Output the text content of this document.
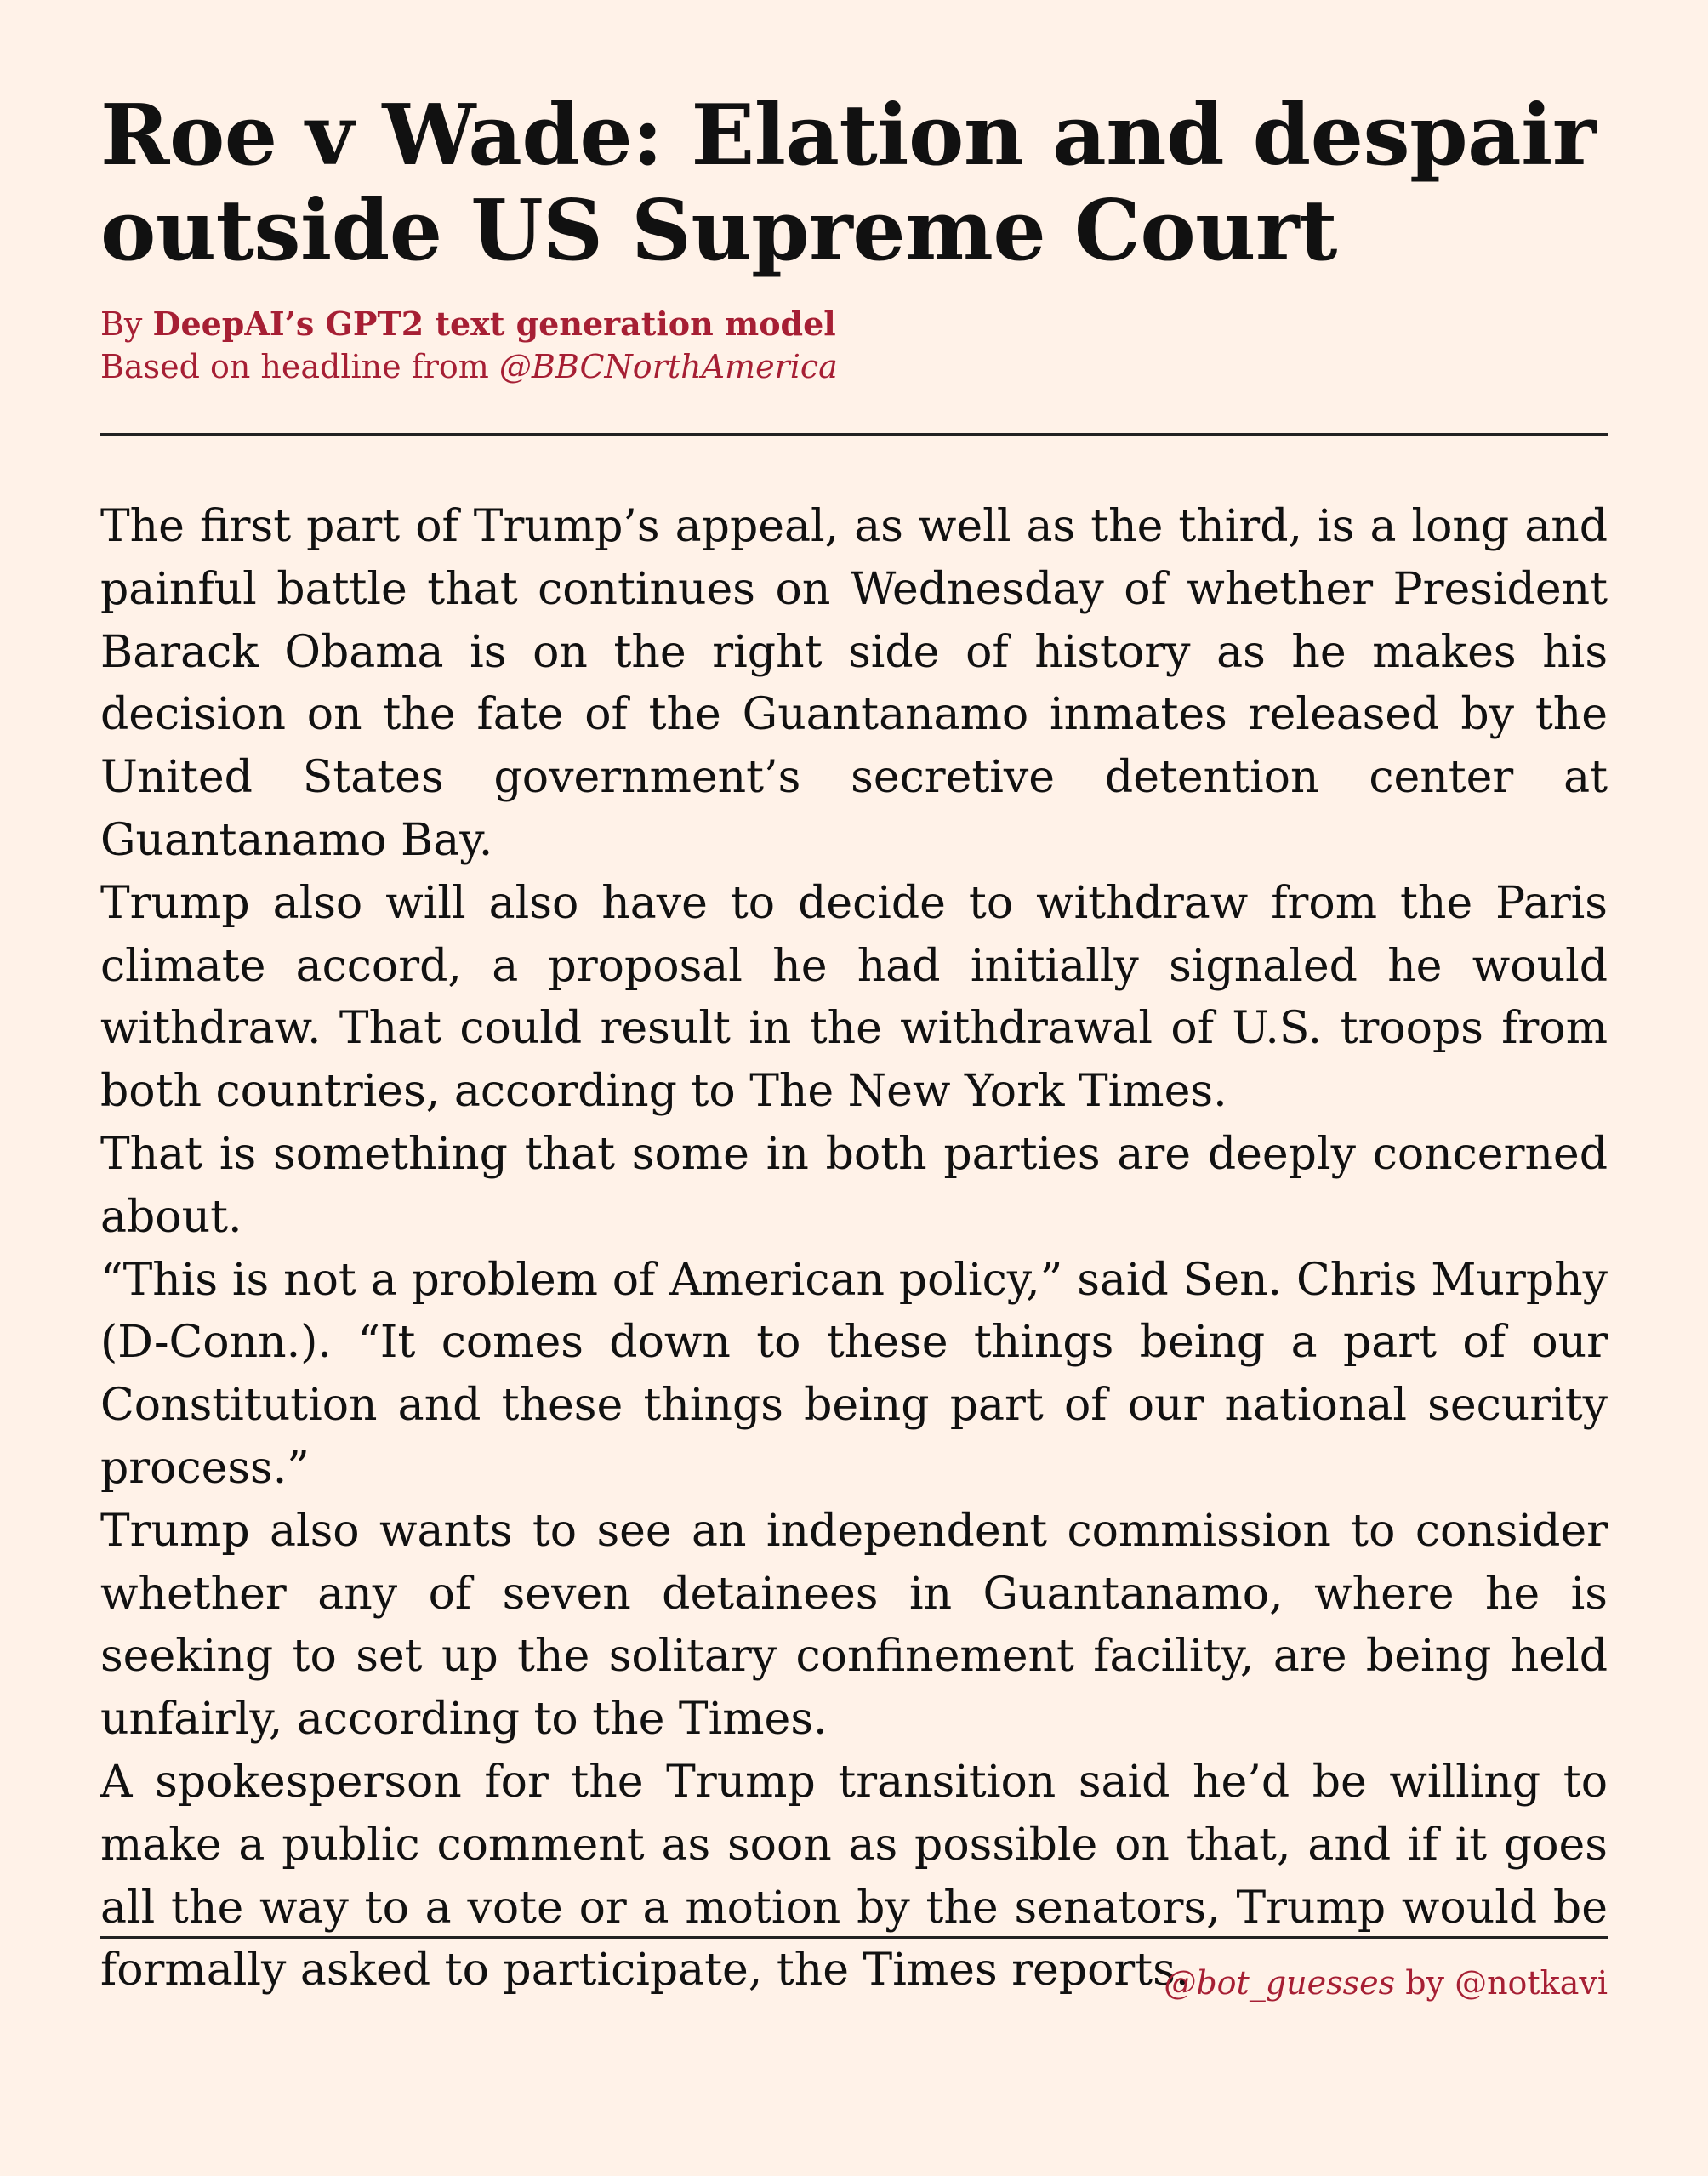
Roe v Wade: Elation and despair outside US Supreme Court
By DeepAI’s GPT2 text generation model
Based on headline from @BBCNorthAmerica

The first part of Trump’s appeal, as well as the third, is a long and painful battle that continues on Wednesday of whether President Barack Obama is on the right side of history as he makes his decision on the fate of the Guantanamo inmates released by the United States government’s secretive detention center at Guantanamo Bay.

Trump also will also have to decide to withdraw from the Paris climate accord, a proposal he had initially signaled he would withdraw. That could result in the withdrawal of U.S. troops from both countries, according to The New York Times.

That is something that some in both parties are deeply concerned about.

“This is not a problem of American policy,” said Sen. Chris Murphy (D-Conn.). “It comes down to these things being a part of our Constitution and these things being part of our national security process.”

Trump also wants to see an independent commission to consider whether any of seven detainees in Guantanamo, where he is seeking to set up the solitary confinement facility, are being held unfairly, according to the Times.

A spokesperson for the Trump transition said he’d be willing to make a public comment as soon as possible on that, and if it goes all the way to a vote or a motion by the senators, Trump would be formally asked to participate, the Times reports.

@bot_guesses by @notkavi
